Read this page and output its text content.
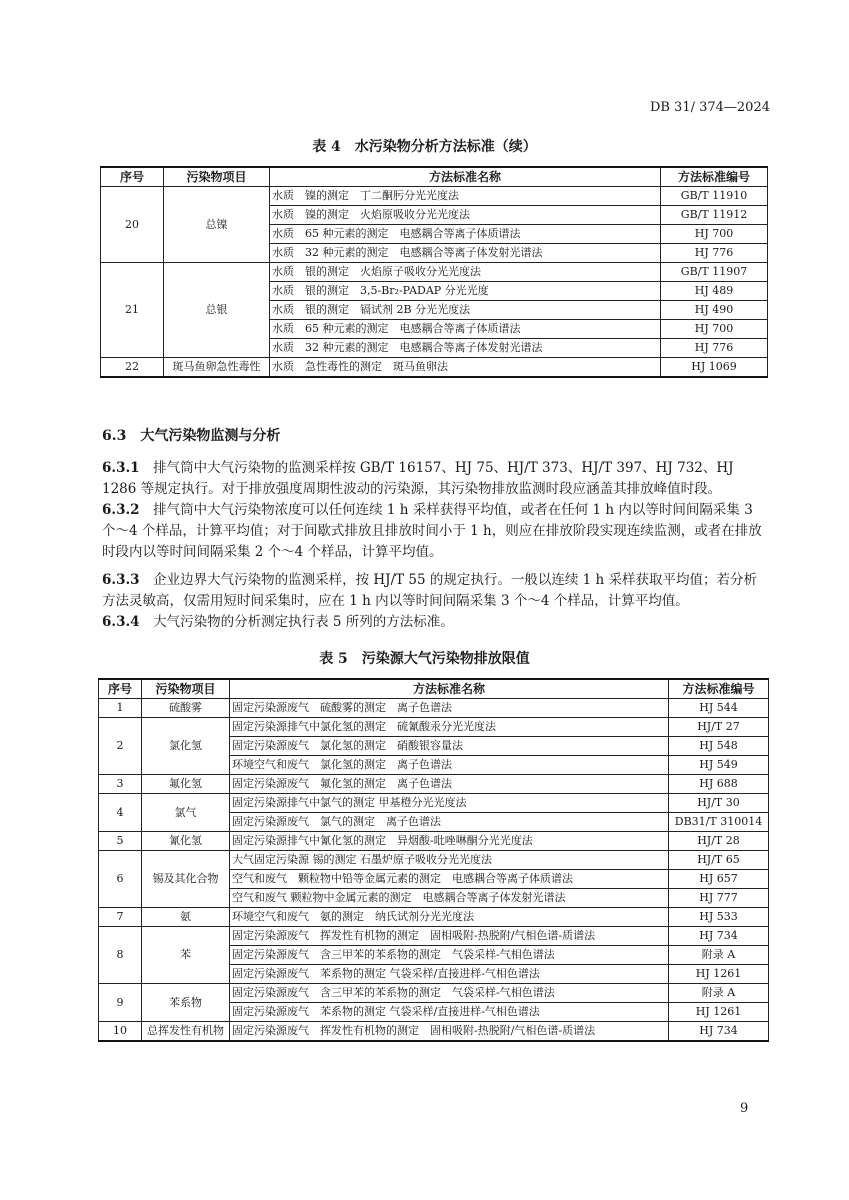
DB 31/ 374—2024
表 4　水污染物分析方法标准（续）
序号	污染物项目	方法标准名称	方法标准编号
20	总镍	水质　镍的测定　丁二酮肟分光光度法	GB/T 11910
		水质　镍的测定　火焰原吸收分光光度法	GB/T 11912
		水质　65 种元素的测定　电感耦合等离子体质谱法	HJ 700
		水质　32 种元素的测定　电感耦合等离子体发射光谱法	HJ 776
21	总银	水质　银的测定　火焰原子吸收分光光度法	GB/T 11907
		水质　银的测定　3,5-Br₂-PADAP 分光光度	HJ 489
		水质　银的测定　镉试剂 2B 分光光度法	HJ 490
		水质　65 种元素的测定　电感耦合等离子体质谱法	HJ 700
		水质　32 种元素的测定　电感耦合等离子体发射光谱法	HJ 776
22	斑马鱼卵急性毒性	水质　急性毒性的测定　斑马鱼卵法	HJ 1069
6.3　大气污染物监测与分析
6.3.1　 排气筒中大气污染物的监测采样按 GB/T 16157、HJ 75、HJ/T 373、HJ/T 397、HJ 732、HJ 1286 等规定执行。对于排放强度周期性波动的污染源，其污染物排放监测时段应涵盖其排放峰值时段。
6.3.2　 排气筒中大气污染物浓度可以任何连续 1 h 采样获得平均值，或者在任何 1 h 内以等时间间隔采集 3 个～4 个样品，计算平均值；对于间歇式排放且排放时间小于 1 h，则应在排放阶段实现连续监测，或者在排放时段内以等时间间隔采集 2 个～4 个样品，计算平均值。
6.3.3　 企业边界大气污染物的监测采样，按 HJ/T 55 的规定执行。一般以连续 1 h 采样获取平均值；若分析方法灵敏高，仅需用短时间采集时，应在 1 h 内以等时间间隔采集 3 个～4 个样品，计算平均值。
6.3.4　 大气污染物的分析测定执行表 5 所列的方法标准。
表 5　污染源大气污染物排放限值
序号	污染物项目	方法标准名称	方法标准编号
1	硫酸雾	固定污染源废气　硫酸雾的测定　离子色谱法	HJ 544
2	氯化氢	固定污染源排气中氯化氢的测定　硫氰酸汞分光光度法	HJ/T 27
		固定污染源废气　氯化氢的测定　硝酸银容量法	HJ 548
		环境空气和废气　氯化氢的测定　离子色谱法	HJ 549
3	氟化氢	固定污染源废气　氟化氢的测定　离子色谱法	HJ 688
4	氯气	固定污染源排气中氯气的测定 甲基橙分光光度法	HJ/T 30
		固定污染源废气　氯气的测定　离子色谱法	DB31/T 310014
5	氰化氢	固定污染源排气中氰化氢的测定　异烟酸-吡唑啉酮分光光度法	HJ/T 28
6	锡及其化合物	大气固定污染源 锡的测定 石墨炉原子吸收分光光度法	HJ/T 65
		空气和废气　颗粒物中铅等金属元素的测定　电感耦合等离子体质谱法	HJ 657
		空气和废气 颗粒物中金属元素的测定　电感耦合等离子体发射光谱法	HJ 777
7	氨	环境空气和废气　氨的测定　纳氏试剂分光光度法	HJ 533
8	苯	固定污染源废气　挥发性有机物的测定　固相吸附-热脱附/气相色谱-质谱法	HJ 734
		固定污染源废气　含三甲苯的苯系物的测定　气袋采样-气相色谱法	附录 A
		固定污染源废气　苯系物的测定 气袋采样/直接进样-气相色谱法	HJ 1261
9	苯系物	固定污染源废气　含三甲苯的苯系物的测定　气袋采样-气相色谱法	附录 A
		固定污染源废气　苯系物的测定 气袋采样/直接进样-气相色谱法	HJ 1261
10	总挥发性有机物	固定污染源废气　挥发性有机物的测定　固相吸附-热脱附/气相色谱-质谱法	HJ 734
9
